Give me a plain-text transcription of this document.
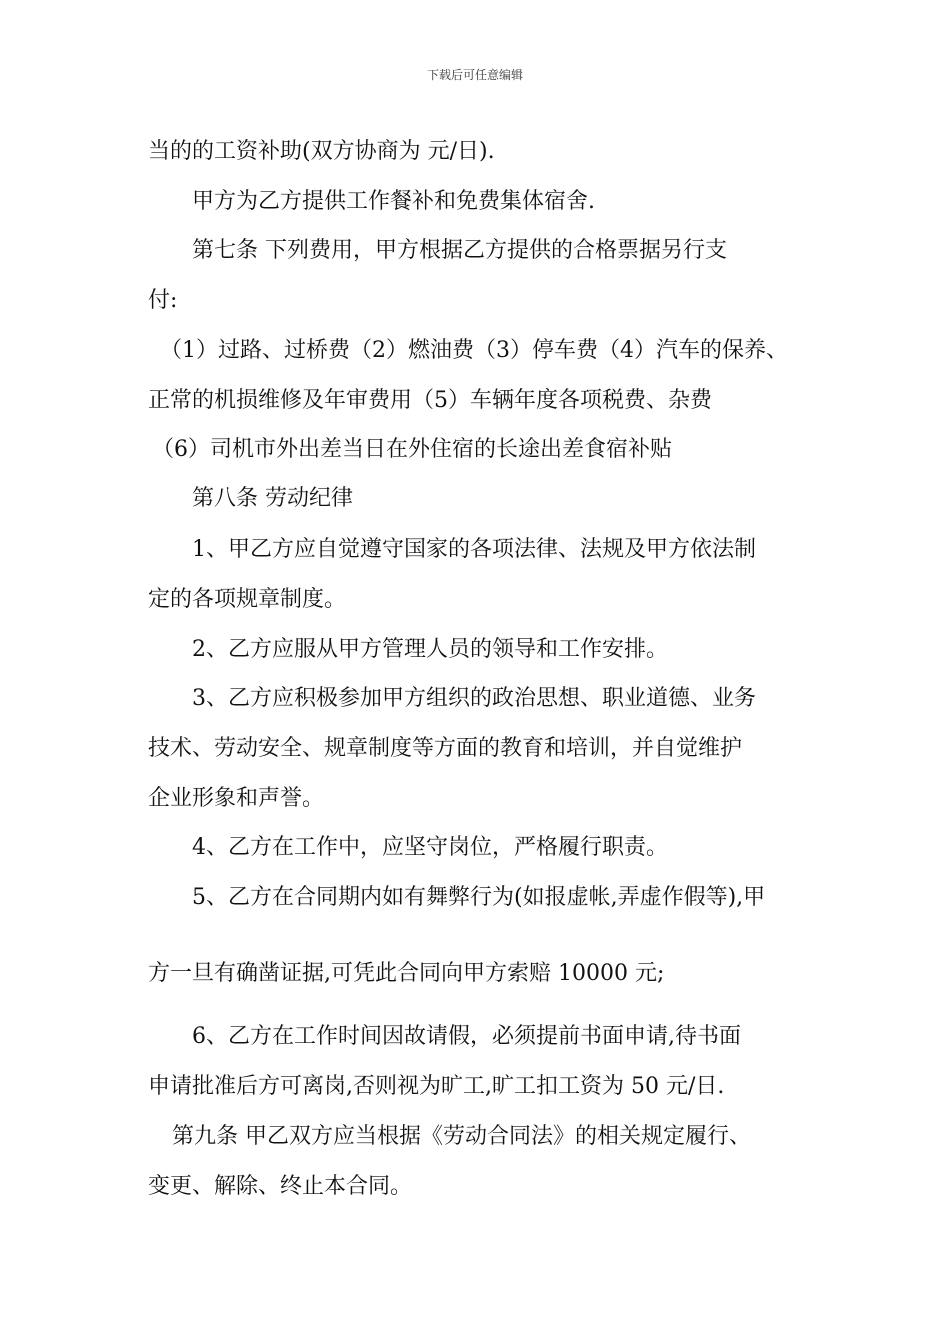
下载后可任意编辑
当的的工资补助(双方协商为 元/日).
甲方为乙方提供工作餐补和免费集体宿舍.
第七条 下列费用，甲方根据乙方提供的合格票据另行支
付:
（1）过路、过桥费（2）燃油费（3）停车费（4）汽车的保养、
正常的机损维修及年审费用（5）车辆年度各项税费、杂费
（6）司机市外出差当日在外住宿的长途出差食宿补贴
第八条 劳动纪律
1、甲乙方应自觉遵守国家的各项法律、法规及甲方依法制
定的各项规章制度。
2、乙方应服从甲方管理人员的领导和工作安排。
3、乙方应积极参加甲方组织的政治思想、职业道德、业务
技术、劳动安全、规章制度等方面的教育和培训，并自觉维护
企业形象和声誉。
4、乙方在工作中，应坚守岗位，严格履行职责。
5、乙方在合同期内如有舞弊行为(如报虚帐,弄虚作假等),甲
方一旦有确凿证据,可凭此合同向甲方索赔 10000 元;
6、乙方在工作时间因故请假，必须提前书面申请,待书面
申请批准后方可离岗,否则视为旷工,旷工扣工资为 50 元/日.
第九条 甲乙双方应当根据《劳动合同法》的相关规定履行、
变更、解除、终止本合同。
